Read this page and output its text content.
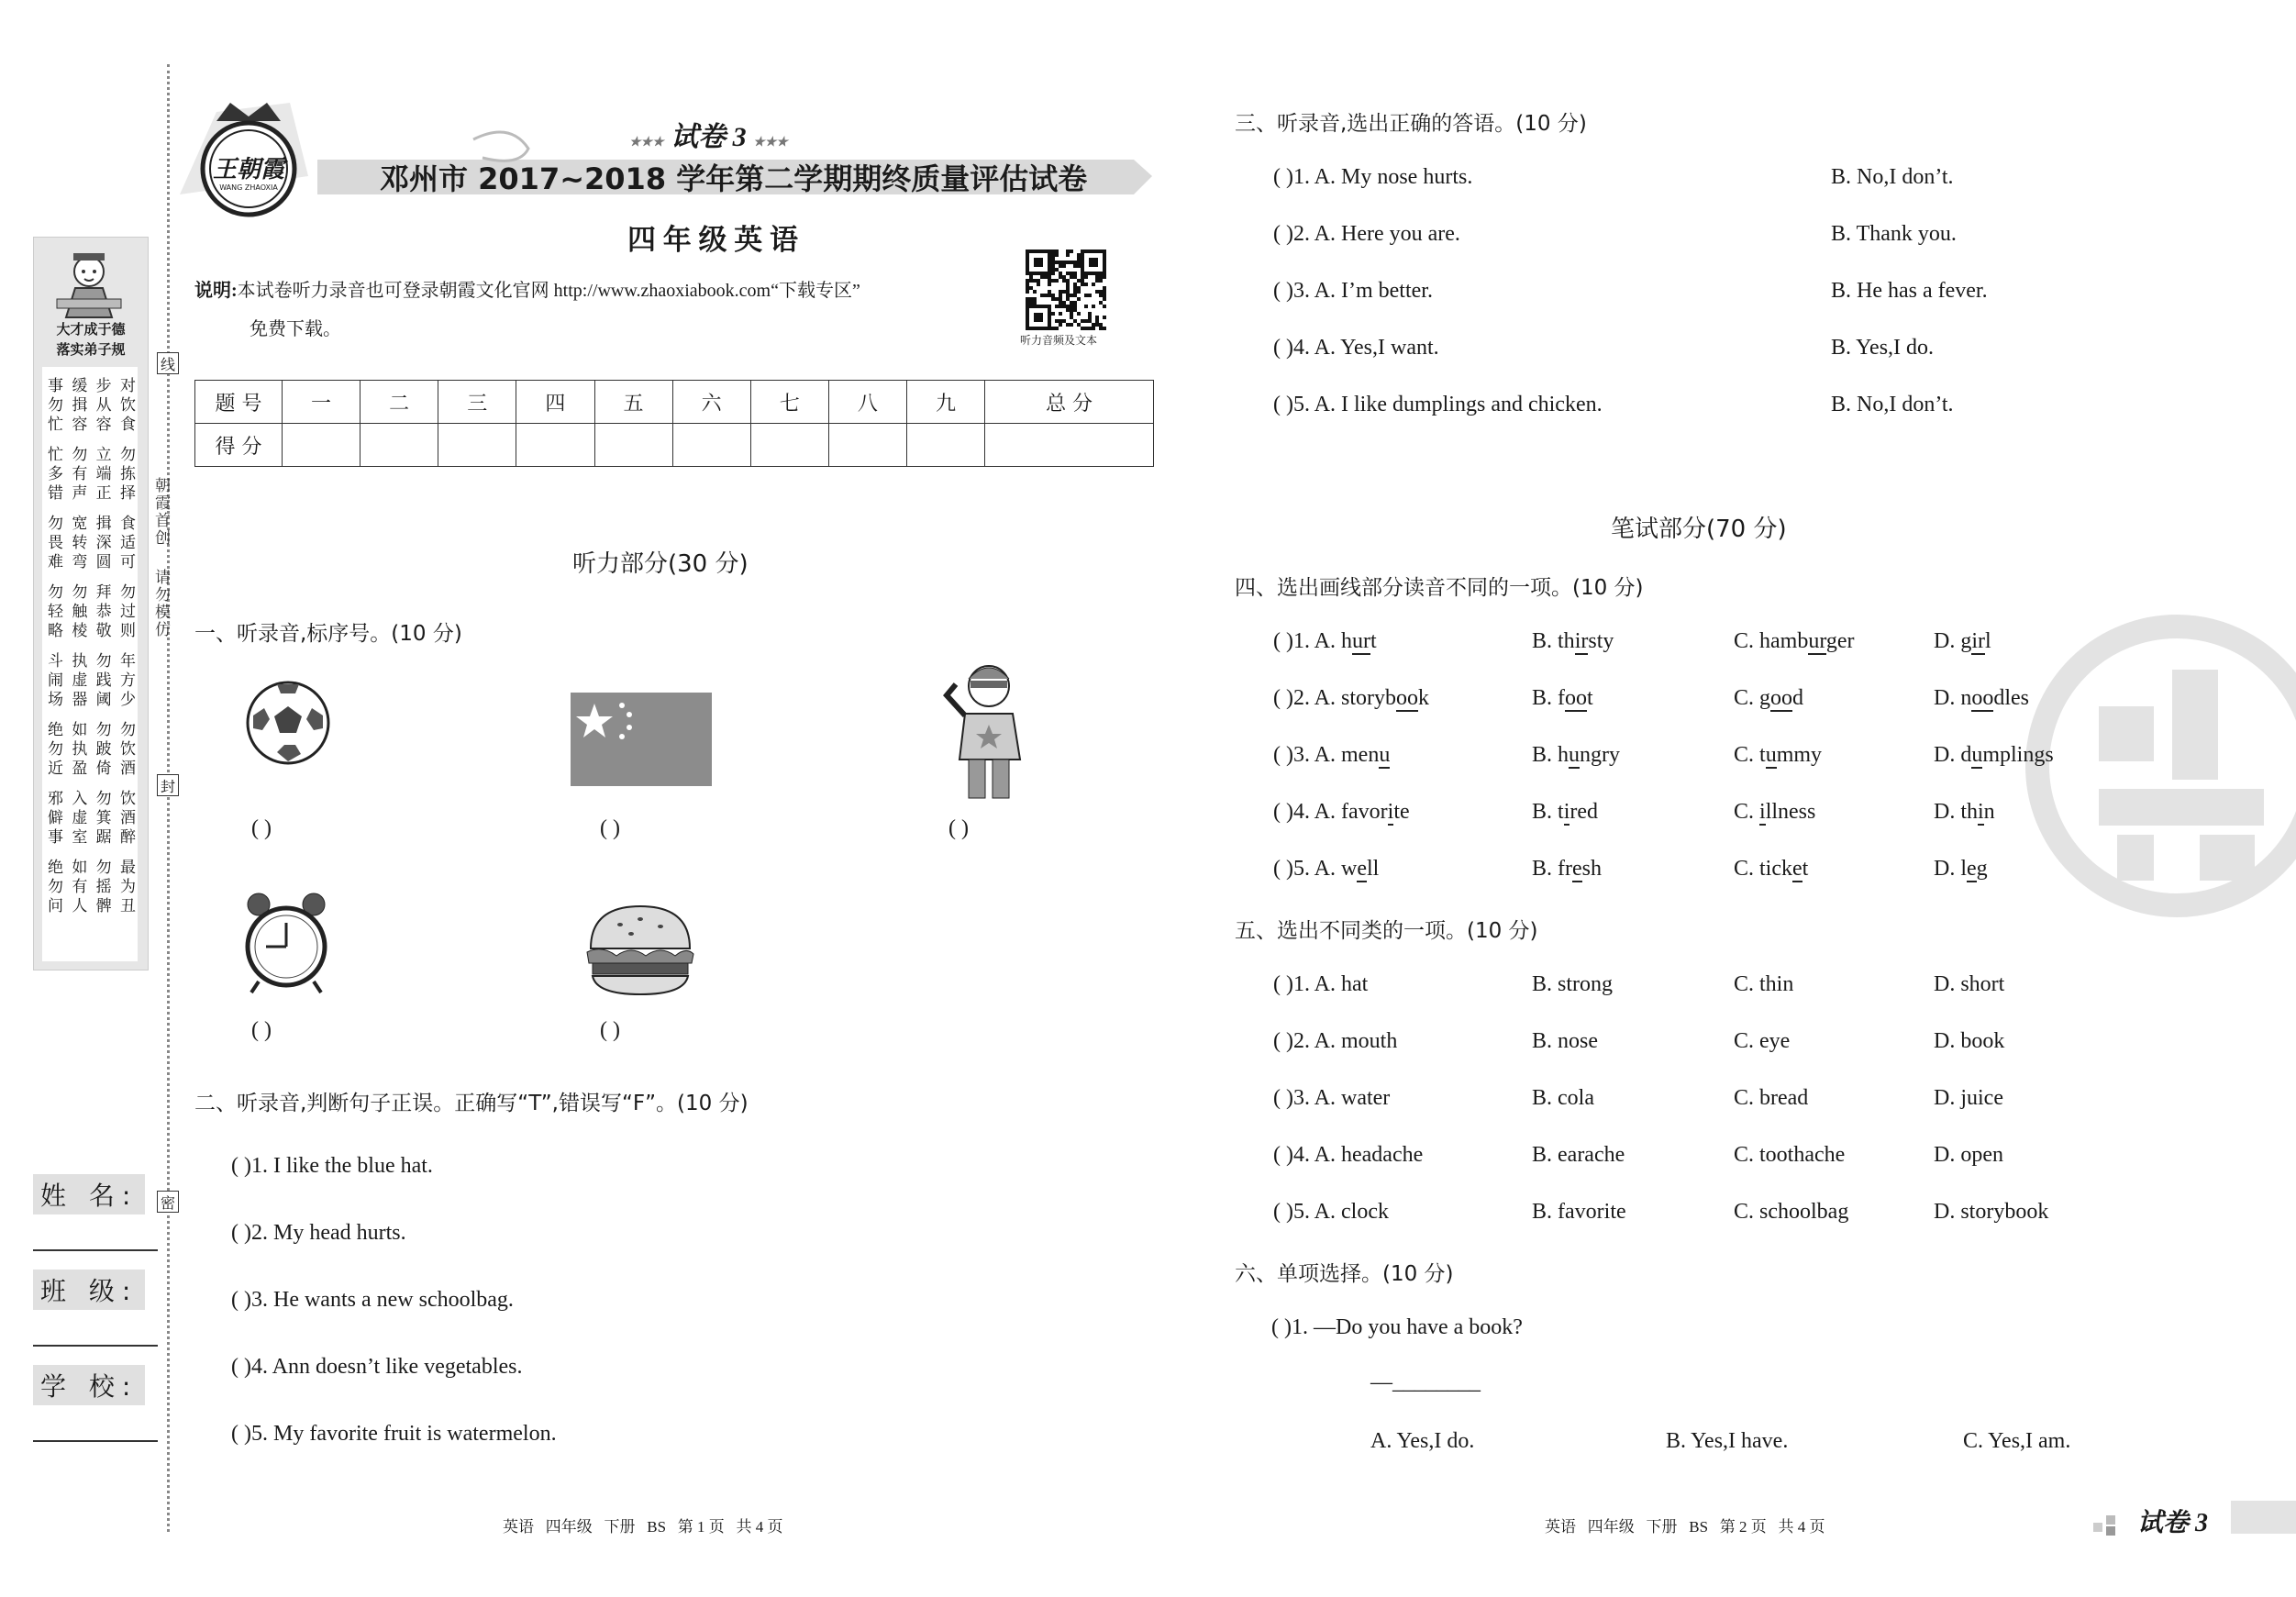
大才成于德
落实弟子规
事 缓 步 对
勿 揖 从 饮
忙 容 容 食
忙 勿 立 勿
多 有 端 拣
错 声 正 择
勿 宽 揖 食
畏 转 深 适
难 弯 圆 可
勿 勿 拜 勿
轻 触 恭 过
略 棱 敬 则
斗 执 勿 年
闹 虚 践 方
场 器 阈 少
绝 如 勿 勿
勿 执 跛 饮
近 盈 倚 酒
邪 入 勿 饮
僻 虚 箕 酒
事 室 踞 醉
绝 如 勿 最
勿 有 摇 为
问 人 髀 丑
线
封
密
朝霞首创
请勿模仿
姓 名:
班 级:
学 校:
王朝霞
WANG ZHAOXIA
★★★ 试卷 3 ★★★
邓州市 2017~2018 学年第二学期期终质量评估试卷
四 年 级 英 语
说明:本试卷听力录音也可登录朝霞文化官网 http://www.zhaoxiabook.com“下载专区”
免费下载。
听力音频及文本
题 号	一	二	三	四	五	六	七	八	九	总 分
得 分										
听力部分(30 分)
一、听录音,标序号。(10 分)
( )	( )	( )
( )	( )
二、听录音,判断句子正误。正确写“T”,错误写“F”。(10 分)
( )1. I like the blue hat.
( )2. My head hurts.
( )3. He wants a new schoolbag.
( )4. Ann doesn’t like vegetables.
( )5. My favorite fruit is watermelon.
英语   四年级   下册   BS   第 1 页   共 4 页
三、听录音,选出正确的答语。(10 分)
( )1. A. My nose hurts.	B. No,I don’t.
( )2. A. Here you are.	B. Thank you.
( )3. A. I’m better.	B. He has a fever.
( )4. A. Yes,I want.	B. Yes,I do.
( )5. A. I like dumplings and chicken.	B. No,I don’t.
笔试部分(70 分)
四、选出画线部分读音不同的一项。(10 分)
( )1. A. hurt	B. thirsty	C. hamburger	D. girl
( )2. A. storybook	B. foot	C. good	D. noodles
( )3. A. menu	B. hungry	C. tummy	D. dumplings
( )4. A. favorite	B. tired	C. illness	D. thin
( )5. A. well	B. fresh	C. ticket	D. leg
五、选出不同类的一项。(10 分)
( )1. A. hat	B. strong	C. thin	D. short
( )2. A. mouth	B. nose	C. eye	D. book
( )3. A. water	B. cola	C. bread	D. juice
( )4. A. headache	B. earache	C. toothache	D. open
( )5. A. clock	B. favorite	C. schoolbag	D. storybook
六、单项选择。(10 分)
( )1. —Do you have a book?
—________
A. Yes,I do.	B. Yes,I have.	C. Yes,I am.
英语   四年级   下册   BS   第 2 页   共 4 页	试卷 3
